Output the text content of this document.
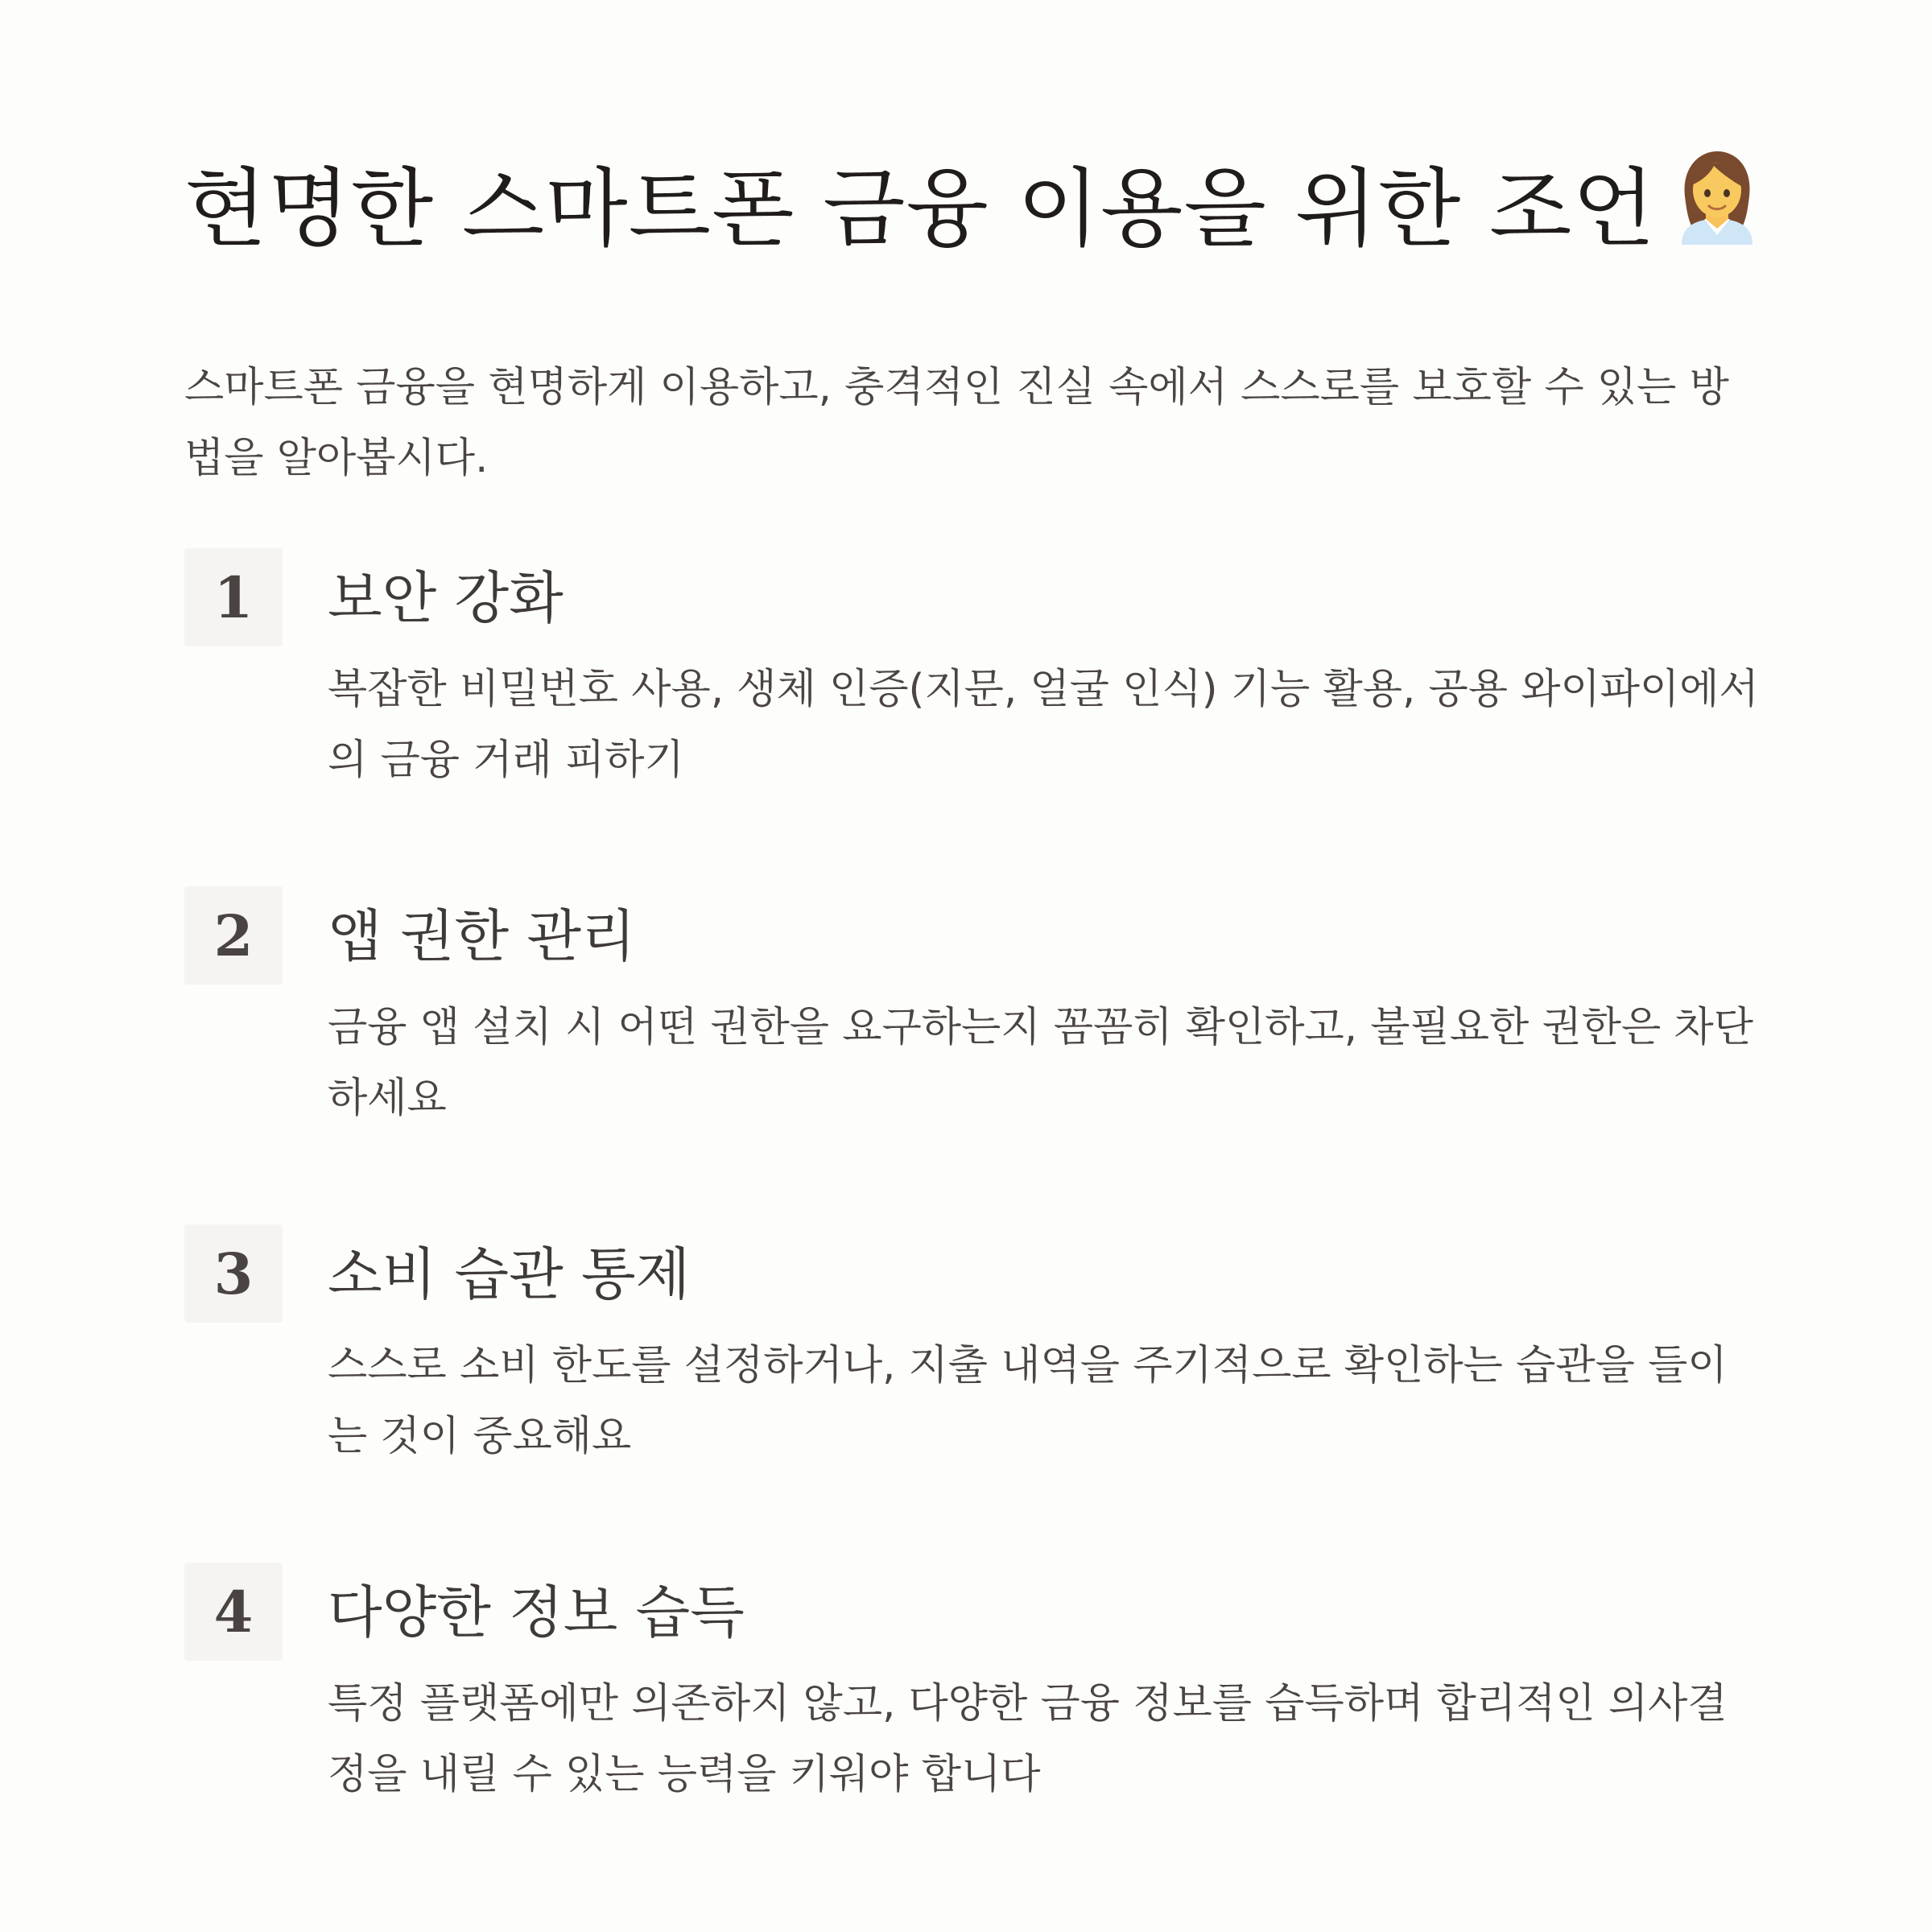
현명한 스마트폰 금융 이용을 위한 조언
스마트폰 금융을 현명하게 이용하고, 충격적인 진실 속에서 스스로를 보호할 수 있는 방법을 알아봅시다.
1	보안 강화
복잡한 비밀번호 사용, 생체 인증(지문, 얼굴 인식) 기능 활용, 공용 와이파이에서의 금융 거래 피하기
2	앱 권한 관리
금융 앱 설치 시 어떤 권한을 요구하는지 꼼꼼히 확인하고, 불필요한 권한은 차단하세요
3	소비 습관 통제
스스로 소비 한도를 설정하거나, 지출 내역을 주기적으로 확인하는 습관을 들이는 것이 중요해요
4	다양한 정보 습득
특정 플랫폼에만 의존하지 않고, 다양한 금융 정보를 습득하며 합리적인 의사결정을 내릴 수 있는 능력을 키워야 합니다
